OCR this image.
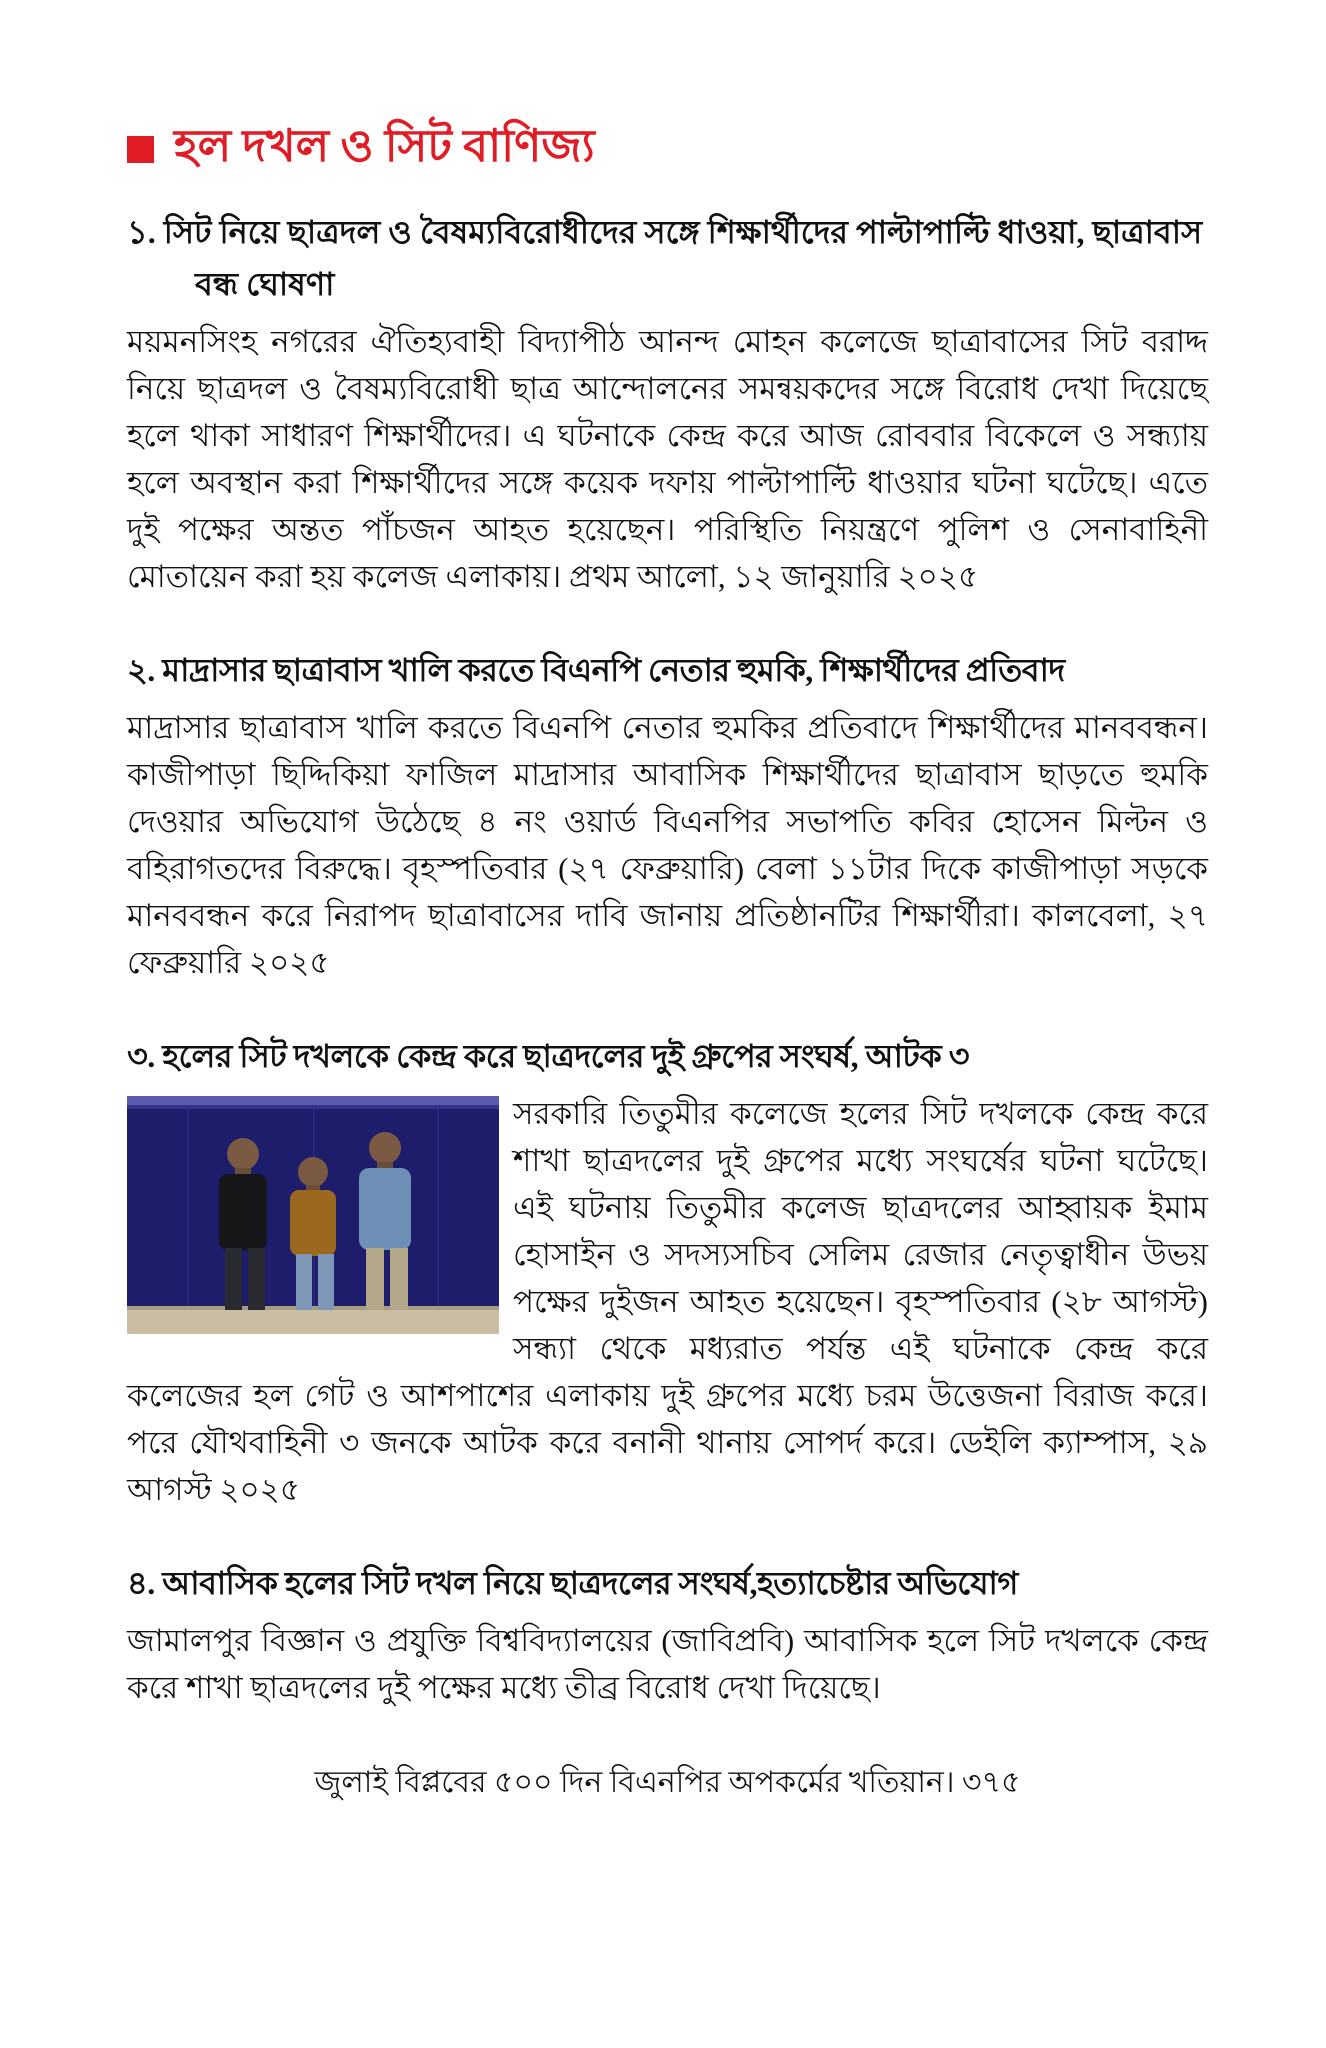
হল দখল ও সিট বাণিজ্য
১. সিট নিয়ে ছাত্রদল ও বৈষম্যবিরোধীদের সঙ্গে শিক্ষার্থীদের পাল্টাপাল্টি ধাওয়া, ছাত্রাবাস বন্ধ ঘোষণা
ময়মনসিংহ নগরের ঐতিহ্যবাহী বিদ্যাপীঠ আনন্দ মোহন কলেজে ছাত্রাবাসের সিট বরাদ্দ নিয়ে ছাত্রদল ও বৈষম্যবিরোধী ছাত্র আন্দোলনের সমন্বয়কদের সঙ্গে বিরোধ দেখা দিয়েছে হলে থাকা সাধারণ শিক্ষার্থীদের। এ ঘটনাকে কেন্দ্র করে আজ রোববার বিকেলে ও সন্ধ্যায় হলে অবস্থান করা শিক্ষার্থীদের সঙ্গে কয়েক দফায় পাল্টাপাল্টি ধাওয়ার ঘটনা ঘটেছে। এতে দুই পক্ষের অন্তত পাঁচজন আহত হয়েছেন। পরিস্থিতি নিয়ন্ত্রণে পুলিশ ও সেনাবাহিনী মোতায়েন করা হয় কলেজ এলাকায়। প্রথম আলো, ১২ জানুয়ারি ২০২৫
২. মাদ্রাসার ছাত্রাবাস খালি করতে বিএনপি নেতার হুমকি, শিক্ষার্থীদের প্রতিবাদ
মাদ্রাসার ছাত্রাবাস খালি করতে বিএনপি নেতার হুমকির প্রতিবাদে শিক্ষার্থীদের মানববন্ধন। কাজীপাড়া ছিদ্দিকিয়া ফাজিল মাদ্রাসার আবাসিক শিক্ষার্থীদের ছাত্রাবাস ছাড়তে হুমকি দেওয়ার অভিযোগ উঠেছে ৪ নং ওয়ার্ড বিএনপির সভাপতি কবির হোসেন মিল্টন ও বহিরাগতদের বিরুদ্ধে। বৃহস্পতিবার (২৭ ফেব্রুয়ারি) বেলা ১১টার দিকে কাজীপাড়া সড়কে মানববন্ধন করে নিরাপদ ছাত্রাবাসের দাবি জানায় প্রতিষ্ঠানটির শিক্ষার্থীরা। কালবেলা, ২৭ ফেব্রুয়ারি ২০২৫
৩. হলের সিট দখলকে কেন্দ্র করে ছাত্রদলের দুই গ্রুপের সংঘর্ষ, আটক ৩
সরকারি তিতুমীর কলেজে হলের সিট দখলকে কেন্দ্র করে শাখা ছাত্রদলের দুই গ্রুপের মধ্যে সংঘর্ষের ঘটনা ঘটেছে। এই ঘটনায় তিতুমীর কলেজ ছাত্রদলের আহ্বায়ক ইমাম হোসাইন ও সদস্যসচিব সেলিম রেজার নেতৃত্বাধীন উভয় পক্ষের দুইজন আহত হয়েছেন। বৃহস্পতিবার (২৮ আগস্ট) সন্ধ্যা থেকে মধ্যরাত পর্যন্ত এই ঘটনাকে কেন্দ্র করে কলেজের হল গেট ও আশপাশের এলাকায় দুই গ্রুপের মধ্যে চরম উত্তেজনা বিরাজ করে। পরে যৌথবাহিনী ৩ জনকে আটক করে বনানী থানায় সোপর্দ করে। ডেইলি ক্যাম্পাস, ২৯ আগস্ট ২০২৫
৪. আবাসিক হলের সিট দখল নিয়ে ছাত্রদলের সংঘর্ষ,হত্যাচেষ্টার অভিযোগ
জামালপুর বিজ্ঞান ও প্রযুক্তি বিশ্ববিদ্যালয়ের (জাবিপ্রবি) আবাসিক হলে সিট দখলকে কেন্দ্র করে শাখা ছাত্রদলের দুই পক্ষের মধ্যে তীব্র বিরোধ দেখা দিয়েছে।
জুলাই বিপ্লবের ৫০০ দিন বিএনপির অপকর্মের খতিয়ান। ৩৭৫
